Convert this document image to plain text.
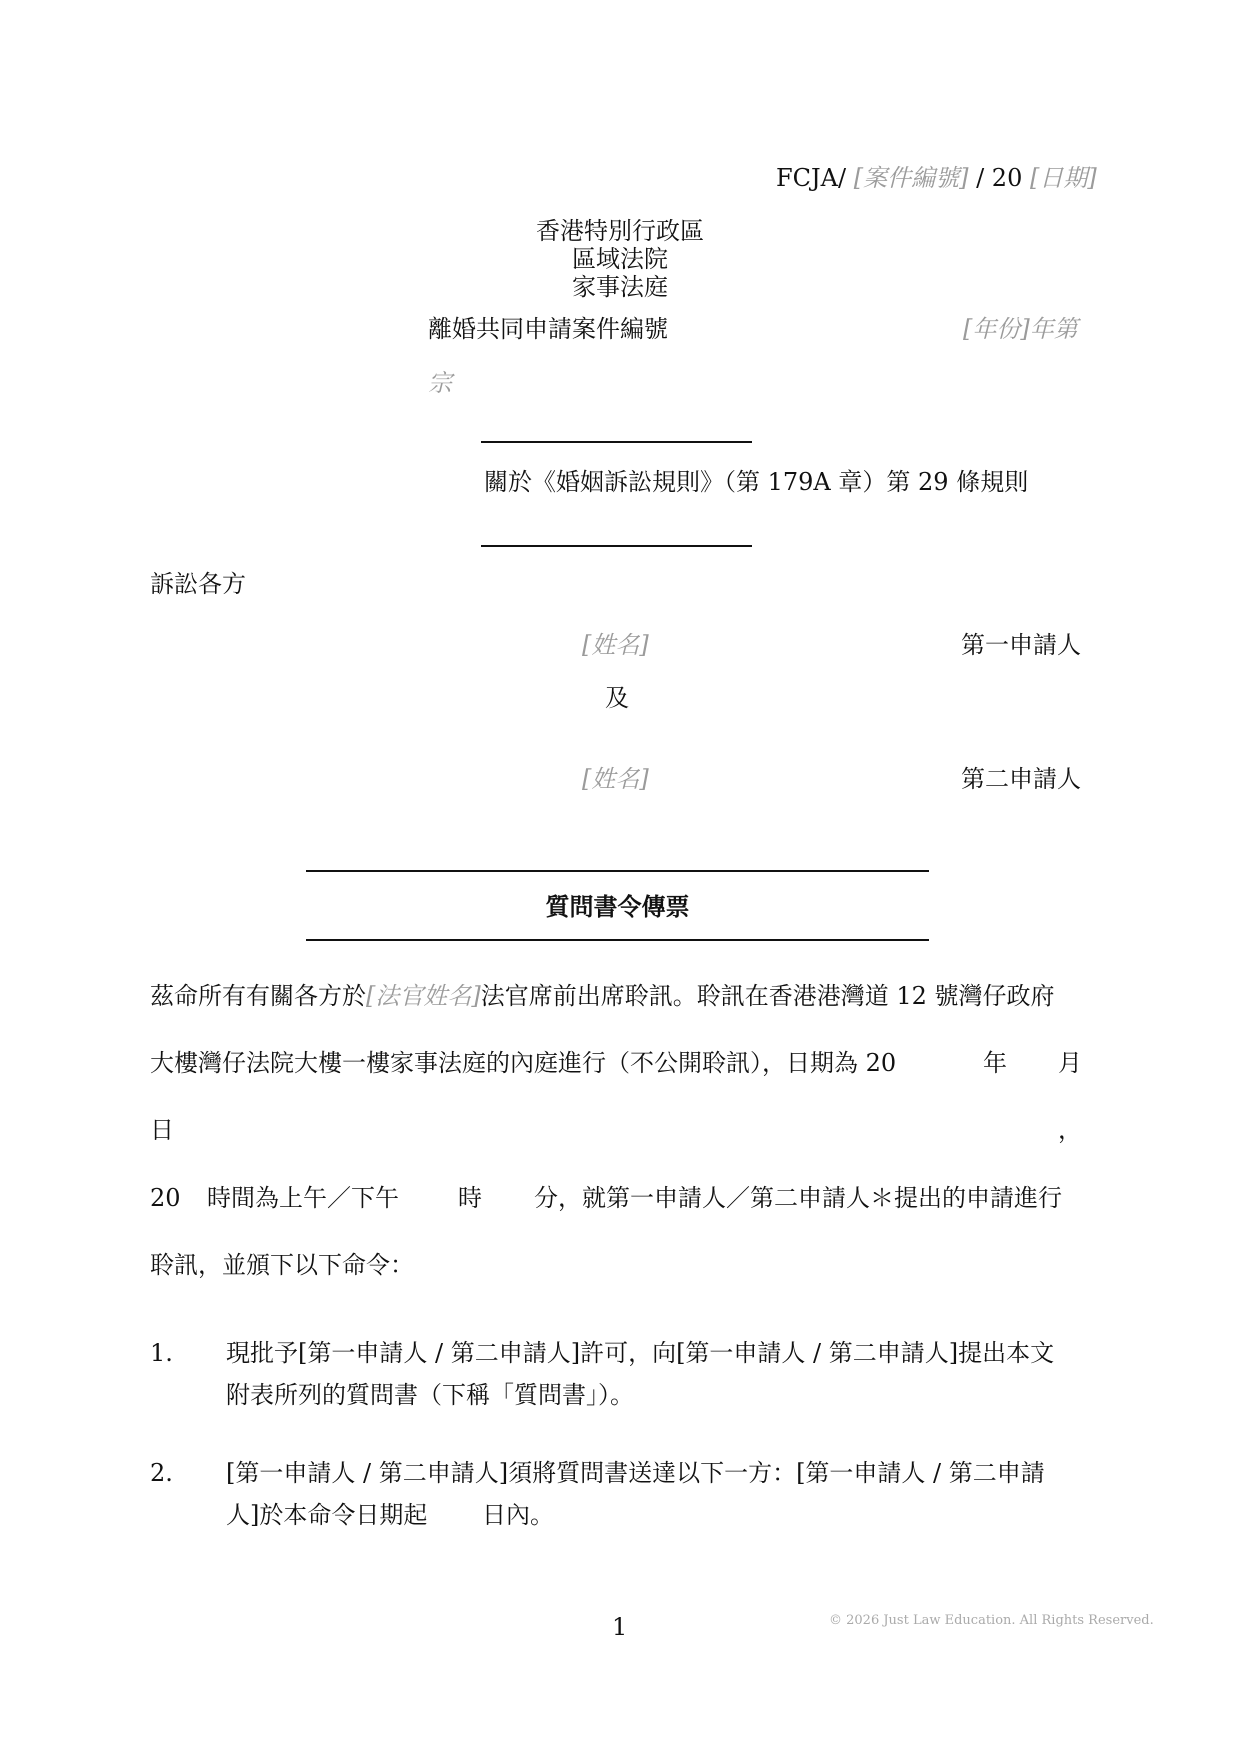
FCJA/ [案件編號] / 20 [日期]
香港特別行政區
區域法院
家事法庭
離婚共同申請案件編號	[年份]年第
宗
關於《婚姻訴訟規則》（第 179A 章）第 29 條規則
訴訟各方
[姓名]	第一申請人
及
[姓名]	第二申請人
質問書令傳票
茲命所有有關各方於[法官姓名]法官席前出席聆訊。聆訊在香港港灣道 12 號灣仔政府
大樓灣仔法院大樓一樓家事法庭的內庭進行（不公開聆訊），日期為 20	年 月
日	，
20 時間為上午／下午 時 分，就第一申請人／第二申請人＊提出的申請進行
聆訊，並頒下以下命令：
1. 現批予[第一申請人 / 第二申請人]許可，向[第一申請人 / 第二申請人]提出本文
附表所列的質問書（下稱「質問書」）。
2. [第一申請人 / 第二申請人]須將質問書送達以下一方：[第一申請人 / 第二申請
人]於本命令日期起 日內。
1	© 2026 Just Law Education. All Rights Reserved.
